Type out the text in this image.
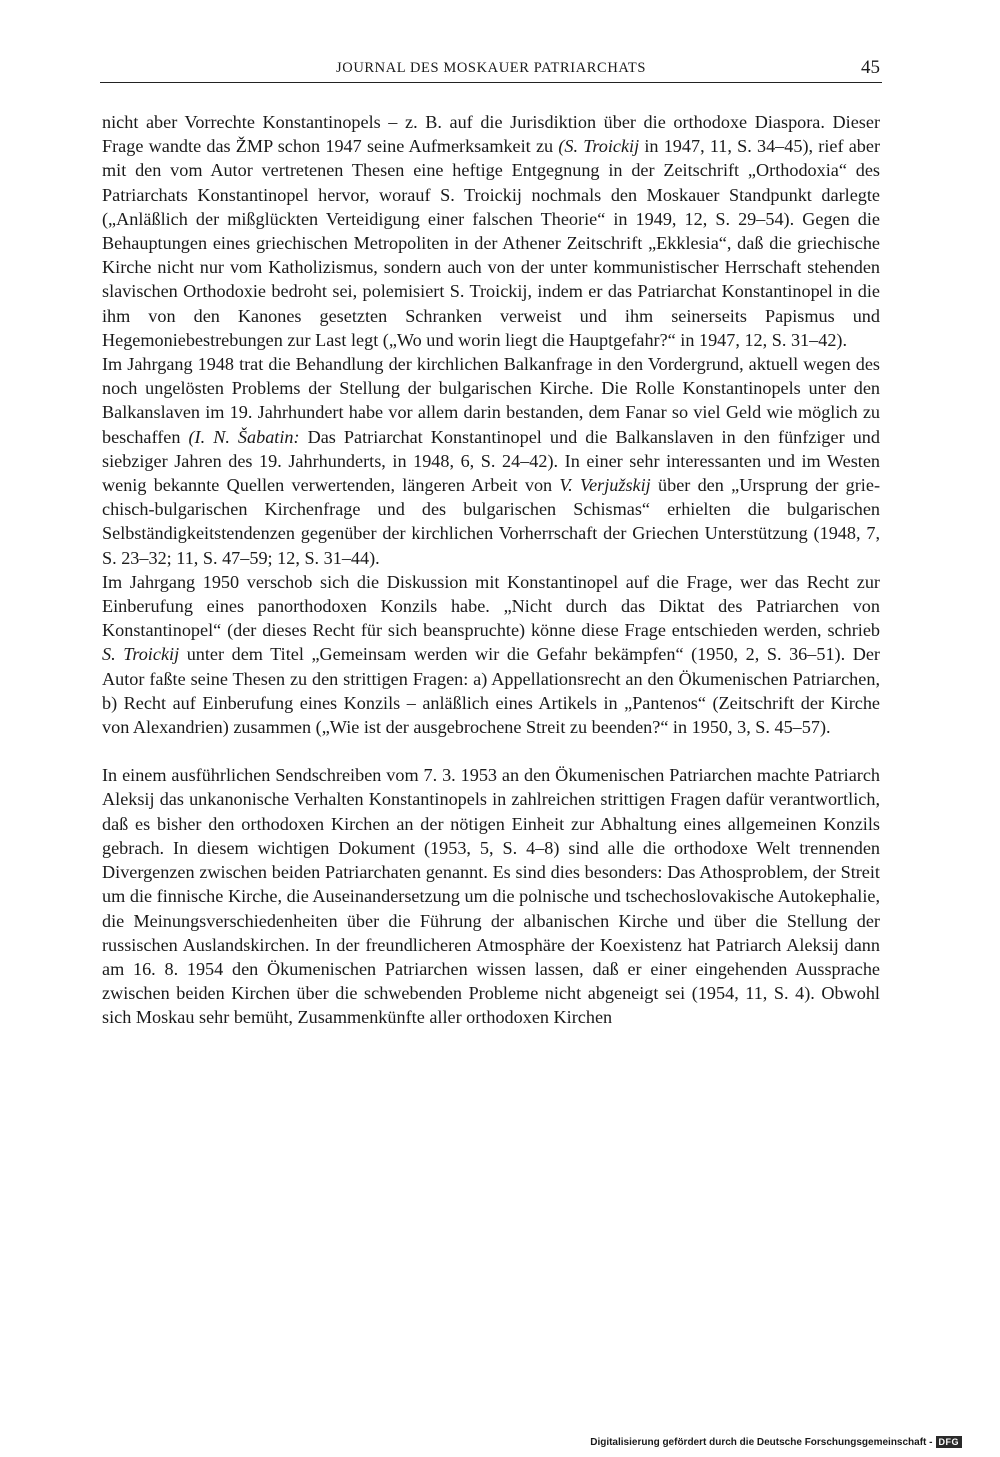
JOURNAL DES MOSKAUER PATRIARCHATS	45

nicht aber Vorrechte Konstantinopels – z. B. auf die Jurisdiktion über die orthodoxe Diaspora. Dieser Frage wandte das ŽMP schon 1947 seine Aufmerksamkeit zu (S. Troickij in 1947, 11, S. 34–45), rief aber mit den vom Autor vertretenen Thesen eine heftige Entgegnung in der Zeitschrift „Orthodoxia“ des Patriarchats Konstantinopel hervor, worauf S. Troickij nochmals den Moskauer Standpunkt darlegte („Anläßlich der mißglückten Verteidigung einer falschen Theorie“ in 1949, 12, S. 29–54). Gegen die Behauptungen eines griechischen Metropoliten in der Athener Zeitschrift „Ekklesia“, daß die griechische Kirche nicht nur vom Katholizismus, sondern auch von der unter kommunistischer Herrschaft stehenden slavischen Orthodoxie bedroht sei, polemisiert S. Troickij, indem er das Patriarchat Konstantinopel in die ihm von den Kanones gesetzten Schranken verweist und ihm seinerseits Papismus und Hegemoniebestrebungen zur Last legt („Wo und worin liegt die Hauptgefahr?“ in 1947, 12, S. 31–42).

Im Jahrgang 1948 trat die Behandlung der kirchlichen Balkanfrage in den Vordergrund, aktuell wegen des noch ungelösten Problems der Stellung der bulgarischen Kirche. Die Rolle Konstantinopels unter den Balkanslaven im 19. Jahrhundert habe vor allem darin bestanden, dem Fanar so viel Geld wie möglich zu beschaffen (I. N. Šabatin: Das Patriarchat Konstantinopel und die Balkanslaven in den fünfziger und siebziger Jahren des 19. Jahrhunderts, in 1948, 6, S. 24–42). In einer sehr interessanten und im Westen wenig bekannte Quellen verwertenden, längeren Arbeit von V. Verjužskij über den „Ursprung der griechisch-bulgarischen Kirchenfrage und des bulgarischen Schismas“ erhielten die bulgarischen Selbständigkeitstendenzen gegenüber der kirchlichen Vorherrschaft der Griechen Unterstützung (1948, 7, S. 23–32; 11, S. 47–59; 12, S. 31–44).

Im Jahrgang 1950 verschob sich die Diskussion mit Konstantinopel auf die Frage, wer das Recht zur Einberufung eines panorthodoxen Konzils habe. „Nicht durch das Diktat des Patriarchen von Konstantinopel“ (der dieses Recht für sich beanspruchte) könne diese Frage entschieden werden, schrieb S. Troickij unter dem Titel „Gemeinsam werden wir die Gefahr bekämpfen“ (1950, 2, S. 36–51). Der Autor faßte seine Thesen zu den strittigen Fragen: a) Appellationsrecht an den Ökumenischen Patriarchen, b) Recht auf Einberufung eines Konzils – anläßlich eines Artikels in „Pantenos“ (Zeitschrift der Kirche von Alexandrien) zusammen („Wie ist der ausgebrochene Streit zu beenden?“ in 1950, 3, S. 45–57).

In einem ausführlichen Sendschreiben vom 7. 3. 1953 an den Ökumenischen Patriarchen machte Patriarch Aleksij das unkanonische Verhalten Konstantinopels in zahlreichen strittigen Fragen dafür verantwortlich, daß es bisher den orthodoxen Kirchen an der nötigen Einheit zur Abhaltung eines allgemeinen Konzils gebrach. In diesem wichtigen Dokument (1953, 5, S. 4–8) sind alle die orthodoxe Welt trennenden Divergenzen zwischen beiden Patriarchaten genannt. Es sind dies besonders: Das Athosproblem, der Streit um die finnische Kirche, die Auseinandersetzung um die polnische und tschechoslovakische Autokephalie, die Meinungsverschiedenheiten über die Führung der albanischen Kirche und über die Stellung der russischen Auslandskirchen. In der freundlicheren Atmosphäre der Koexistenz hat Patriarch Aleksij dann am 16. 8. 1954 den Ökumenischen Patriarchen wissen lassen, daß er einer eingehenden Aussprache zwischen beiden Kirchen über die schwebenden Probleme nicht abgeneigt sei (1954, 11, S. 4). Obwohl sich Moskau sehr bemüht, Zusammenkünfte aller orthodoxen Kirchen

Digitalisierung gefördert durch die Deutsche Forschungsgemeinschaft - DFG
